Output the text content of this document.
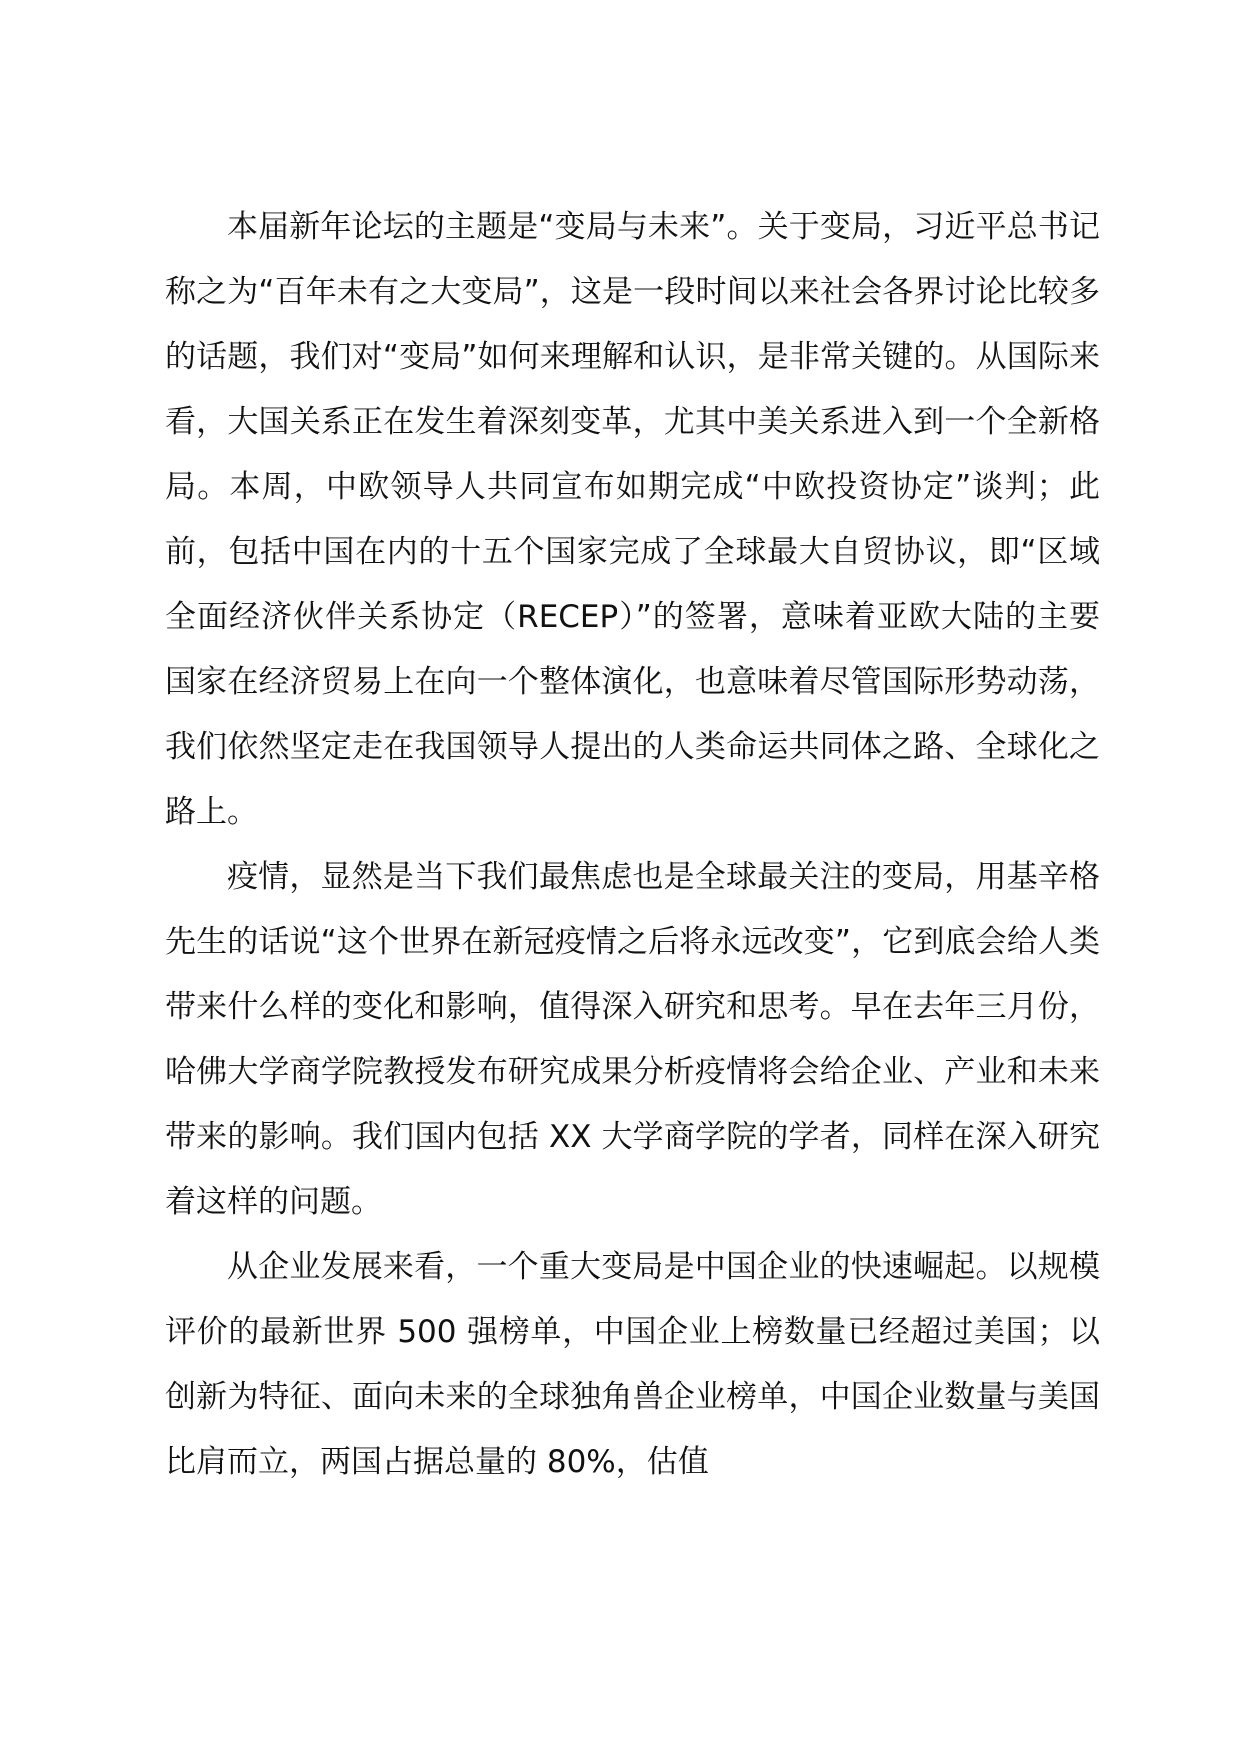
本届新年论坛的主题是“变局与未来”。关于变局，习近平总书记称之为“百年未有之大变局”，这是一段时间以来社会各界讨论比较多的话题，我们对“变局”如何来理解和认识，是非常关键的。从国际来看，大国关系正在发生着深刻变革，尤其中美关系进入到一个全新格局。本周，中欧领导人共同宣布如期完成“中欧投资协定”谈判；此前，包括中国在内的十五个国家完成了全球最大自贸协议，即“区域全面经济伙伴关系协定（RECEP）”的签署，意味着亚欧大陆的主要国家在经济贸易上在向一个整体演化，也意味着尽管国际形势动荡，我们依然坚定走在我国领导人提出的人类命运共同体之路、全球化之路上。

疫情，显然是当下我们最焦虑也是全球最关注的变局，用基辛格先生的话说“这个世界在新冠疫情之后将永远改变”，它到底会给人类带来什么样的变化和影响，值得深入研究和思考。早在去年三月份，哈佛大学商学院教授发布研究成果分析疫情将会给企业、产业和未来带来的影响。我们国内包括 XX 大学商学院的学者，同样在深入研究着这样的问题。

从企业发展来看，一个重大变局是中国企业的快速崛起。以规模评价的最新世界 500 强榜单，中国企业上榜数量已经超过美国；以创新为特征、面向未来的全球独角兽企业榜单，中国企业数量与美国比肩而立，两国占据总量的 80%，估值
